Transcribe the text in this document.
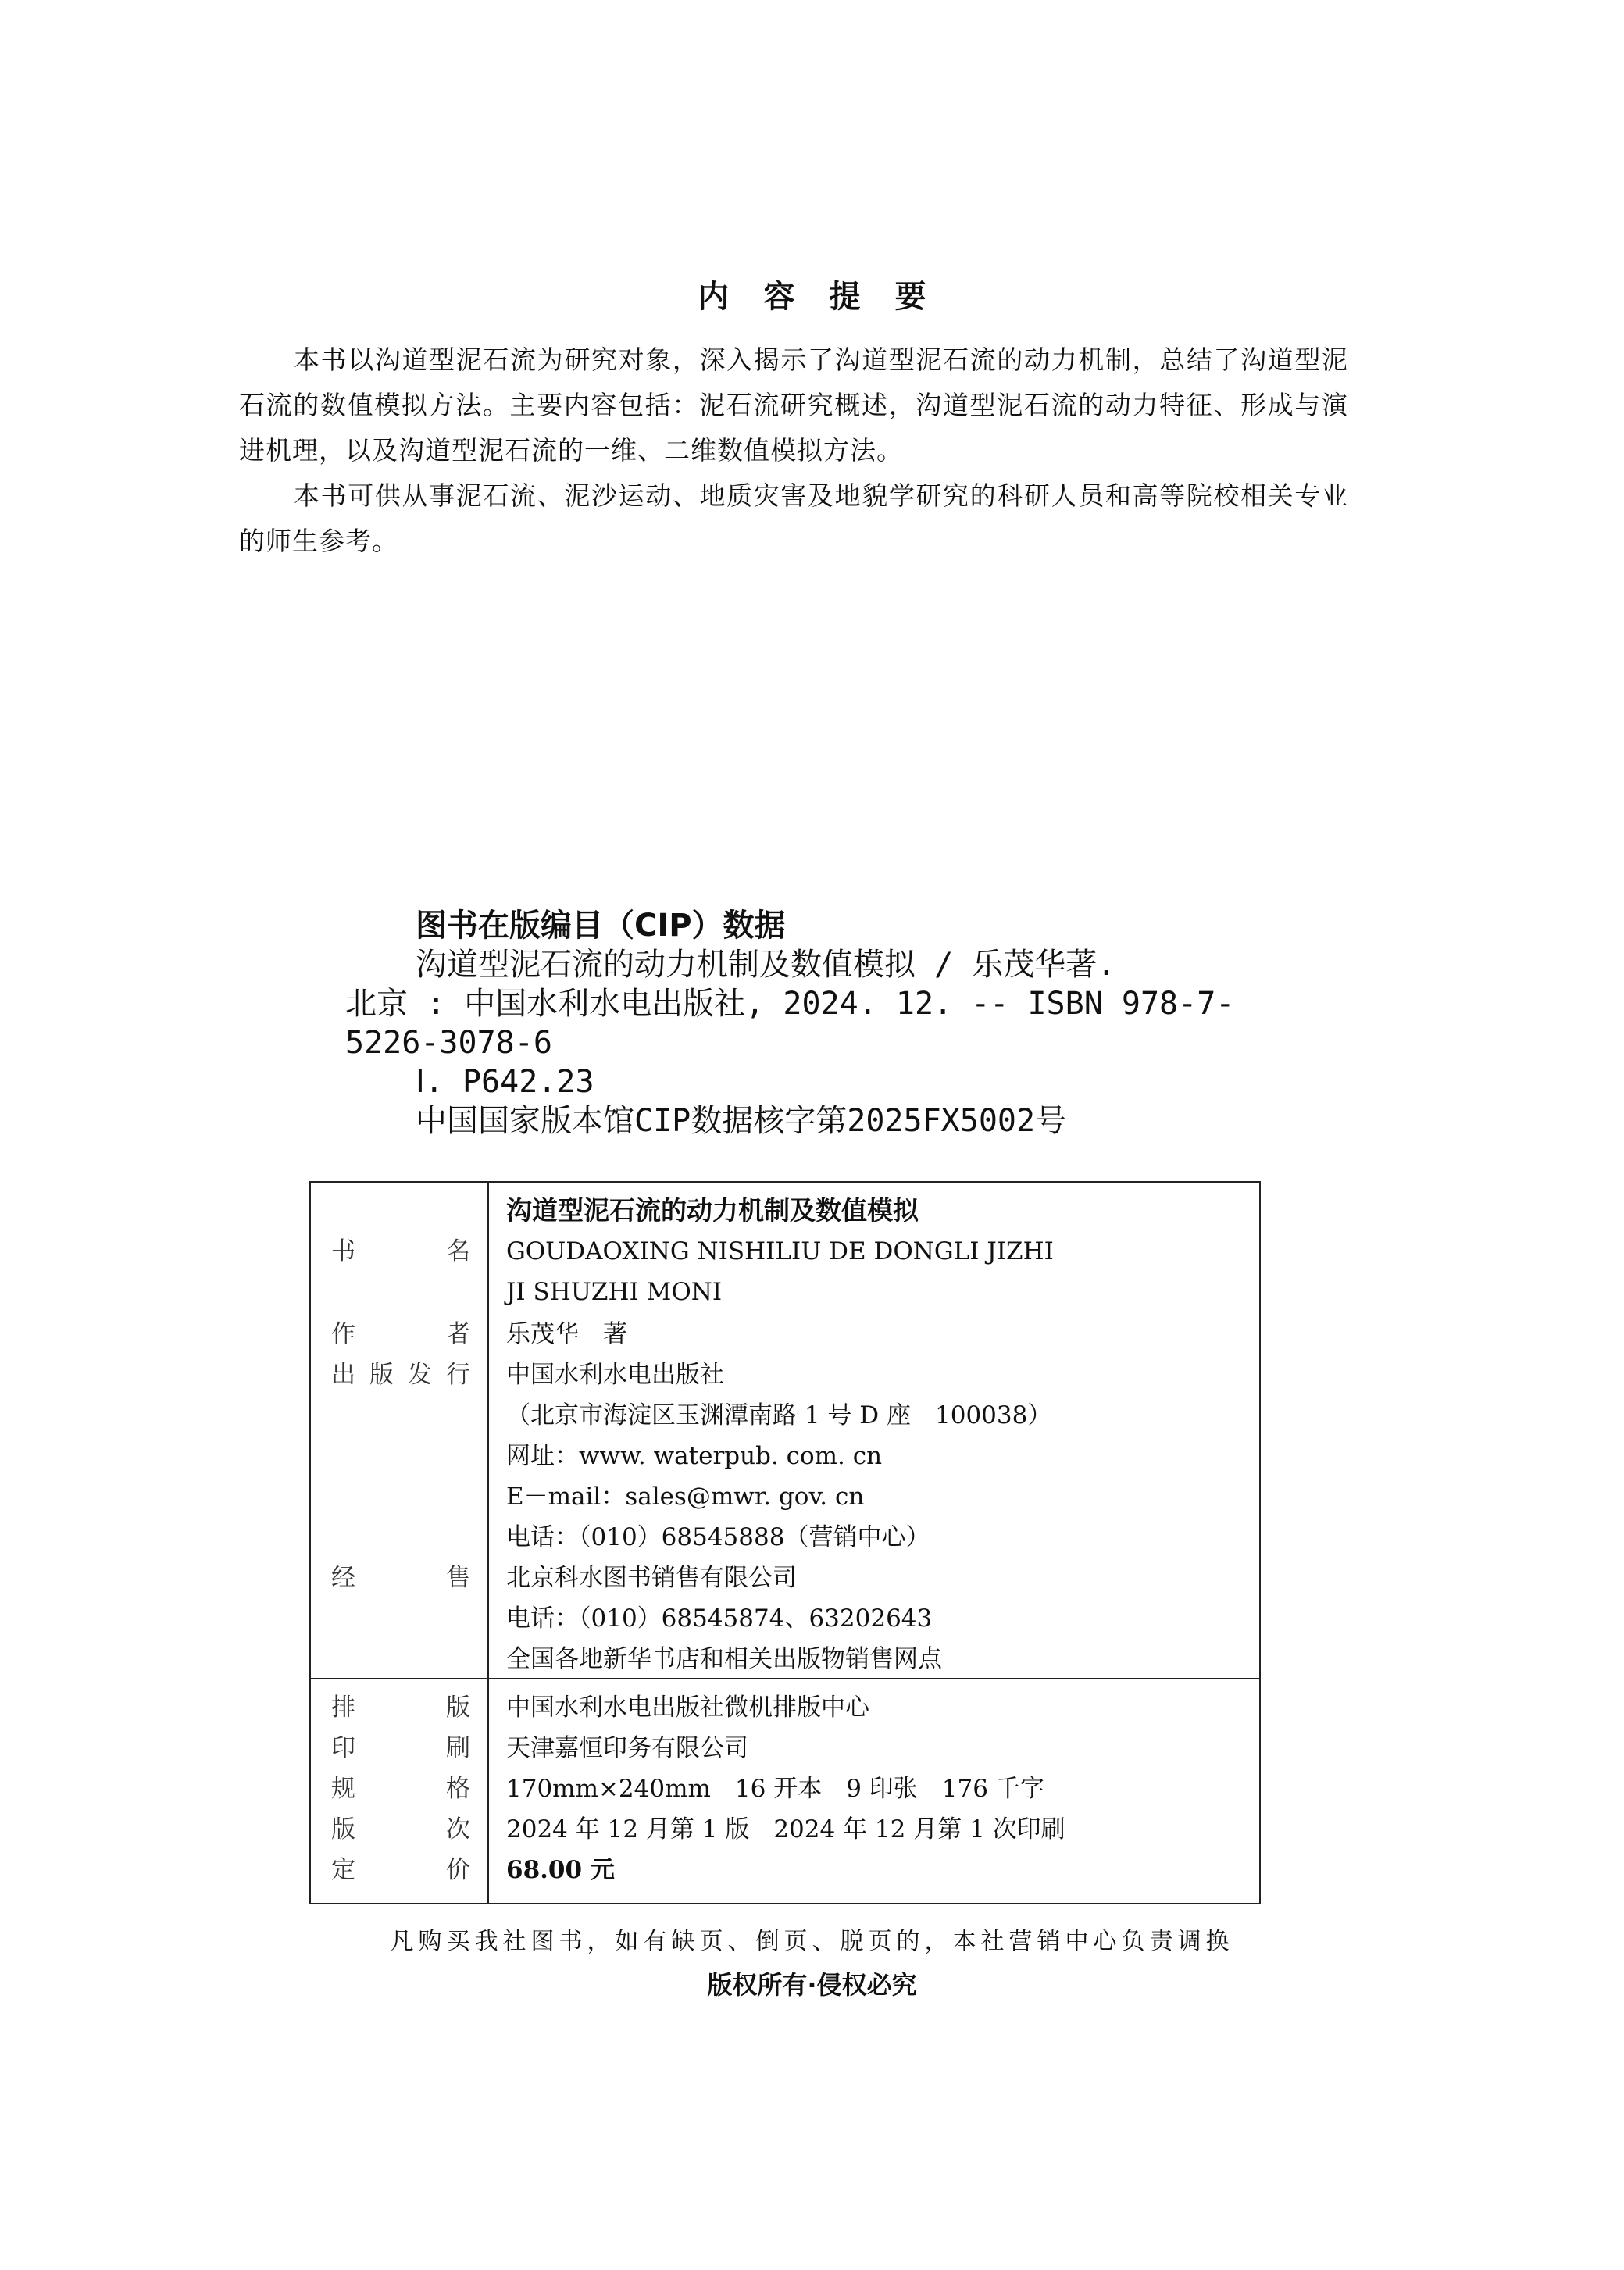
内容提要

本书以沟道型泥石流为研究对象，深入揭示了沟道型泥石流的动力机制，总结了沟道型泥石流的数值模拟方法。主要内容包括：泥石流研究概述，沟道型泥石流的动力特征、形成与演进机理，以及沟道型泥石流的一维、二维数值模拟方法。

本书可供从事泥石流、泥沙运动、地质灾害及地貌学研究的科研人员和高等院校相关专业的师生参考。

图书在版编目（CIP）数据
沟道型泥石流的动力机制及数值模拟 / 乐茂华著.
北京 : 中国水利水电出版社, 2024. 12. -- ISBN 978-7-
5226-3078-6
Ⅰ. P642.23
中国国家版本馆CIP数据核字第2025FX5002号
沟道型泥石流的动力机制及数值模拟
书	名 GOUDAOXING NISHILIU DE DONGLI JIZHI
JI SHUZHI MONI
作	者 乐茂华　著
出 版 发 行 中国水利水电出版社
（北京市海淀区玉渊潭南路 1 号 D 座　100038）
网址：www. waterpub. com. cn
E－mail：sales@mwr. gov. cn
电话：（010）68545888（营销中心）
经	售 北京科水图书销售有限公司
电话：（010）68545874、63202643
全国各地新华书店和相关出版物销售网点
排	版 中国水利水电出版社微机排版中心
印	刷 天津嘉恒印务有限公司
规	格 170mm×240mm　16 开本　9 印张　176 千字
版	次 2024 年 12 月第 1 版　2024 年 12 月第 1 次印刷
定	价 68.00 元
凡购买我社图书，如有缺页、倒页、脱页的，本社营销中心负责调换
版权所有·侵权必究
